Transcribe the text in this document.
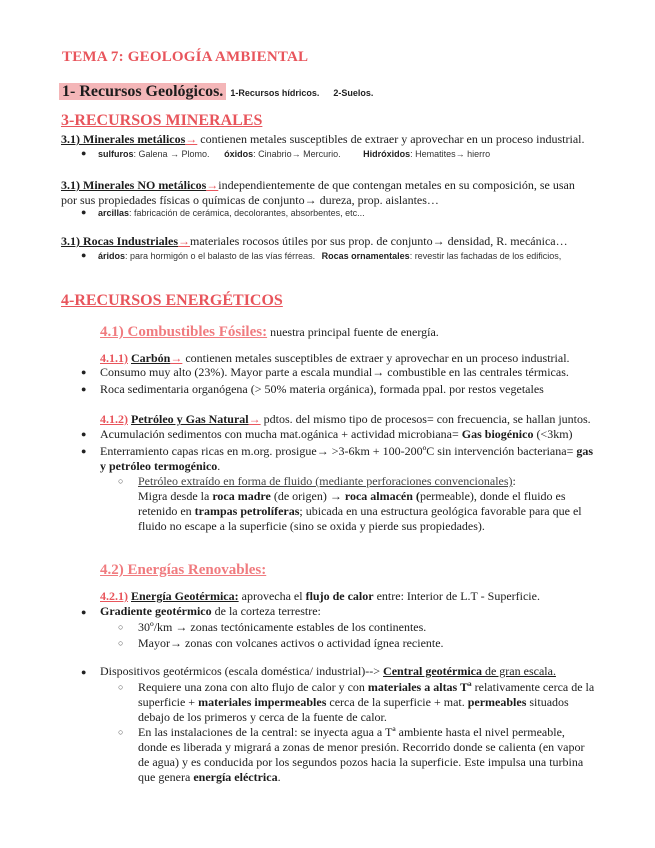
TEMA 7: GEOLOGÍA AMBIENTAL
1- Recursos Geológicos. 1-Recursos hídricos. 2-Suelos.
3-RECURSOS MINERALES
3.1) Minerales metálicos→ contienen metales susceptibles de extraer y aprovechar en un proceso industrial.
● sulfuros: Galena → Plomo. óxidos: Cinabrio→ Mercurio.	Hidróxidos: Hematites→ hierro
3.1) Minerales NO metálicos→independientemente de que contengan metales en su composición, se usan
por sus propiedades físicas o químicas de conjunto→ dureza, prop. aislantes…
● arcillas: fabricación de cerámica, decolorantes, absorbentes, etc...
3.1) Rocas Industriales→materiales rocosos útiles por sus prop. de conjunto→ densidad, R. mecánica…
● áridos: para hormigón o el balasto de las vías férreas. Rocas ornamentales: revestir las fachadas de los edificios,
4-RECURSOS ENERGÉTICOS
4.1) Combustibles Fósiles: nuestra principal fuente de energía.
4.1.1) Carbón→ contienen metales susceptibles de extraer y aprovechar en un proceso industrial.
● Consumo muy alto (23%). Mayor parte a escala mundial→ combustible en las centrales térmicas.
● Roca sedimentaria organógena (> 50% materia orgánica), formada ppal. por restos vegetales
4.1.2) Petróleo y Gas Natural→ pdtos. del mismo tipo de procesos= con frecuencia, se hallan juntos.
● Acumulación sedimentos con mucha mat.ogánica + actividad microbiana= Gas biogénico (<3km)
● Enterramiento capas ricas en m.org. prosigue→ >3-6km + 100-200ºC sin intervención bacteriana= gas
y petróleo termogénico.
○ Petróleo extraído en forma de fluido (mediante perforaciones convencionales):
Migra desde la roca madre (de origen) → roca almacén (permeable), donde el fluido es
retenido en trampas petrolíferas; ubicada en una estructura geológica favorable para que el
fluido no escape a la superficie (sino se oxida y pierde sus propiedades).
4.2) Energías Renovables:
4.2.1) Energía Geotérmica: aprovecha el flujo de calor entre: Interior de L.T - Superficie.
● Gradiente geotérmico de la corteza terrestre:
○ 30º/km → zonas tectónicamente estables de los continentes.
○ Mayor→ zonas con volcanes activos o actividad ígnea reciente.
● Dispositivos geotérmicos (escala doméstica/ industrial)--> Central geotérmica de gran escala.
○ Requiere una zona con alto flujo de calor y con materiales a altas Tª relativamente cerca de la
superficie + materiales impermeables cerca de la superficie + mat. permeables situados
debajo de los primeros y cerca de la fuente de calor.
○ En las instalaciones de la central: se inyecta agua a Tª ambiente hasta el nivel permeable,
donde es liberada y migrará a zonas de menor presión. Recorrido donde se calienta (en vapor
de agua) y es conducida por los segundos pozos hacia la superficie. Este impulsa una turbina
que genera energía eléctrica.
